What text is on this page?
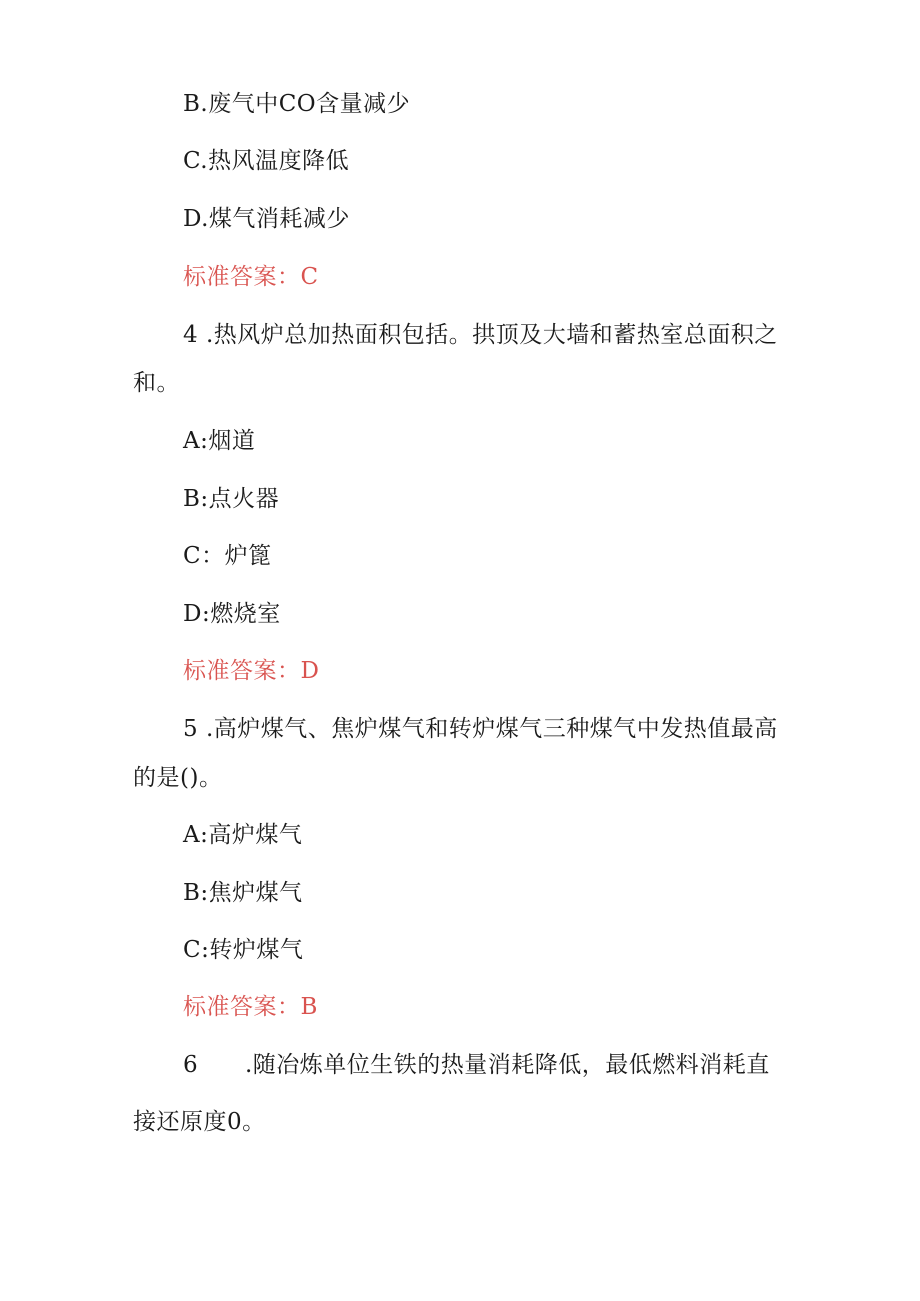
B.废气中CO含量减少
C.热风温度降低
D.煤气消耗减少
标准答案：C
4 .热风炉总加热面积包括。拱顶及大墙和蓄热室总面积之
和。
A:烟道
B:点火器
C：炉篦
D:燃烧室
标准答案：D
5 .高炉煤气、焦炉煤气和转炉煤气三种煤气中发热值最高
的是()。
A:高炉煤气
B:焦炉煤气
C:转炉煤气
标准答案：B
6      .随冶炼单位生铁的热量消耗降低，最低燃料消耗直
接还原度0。
